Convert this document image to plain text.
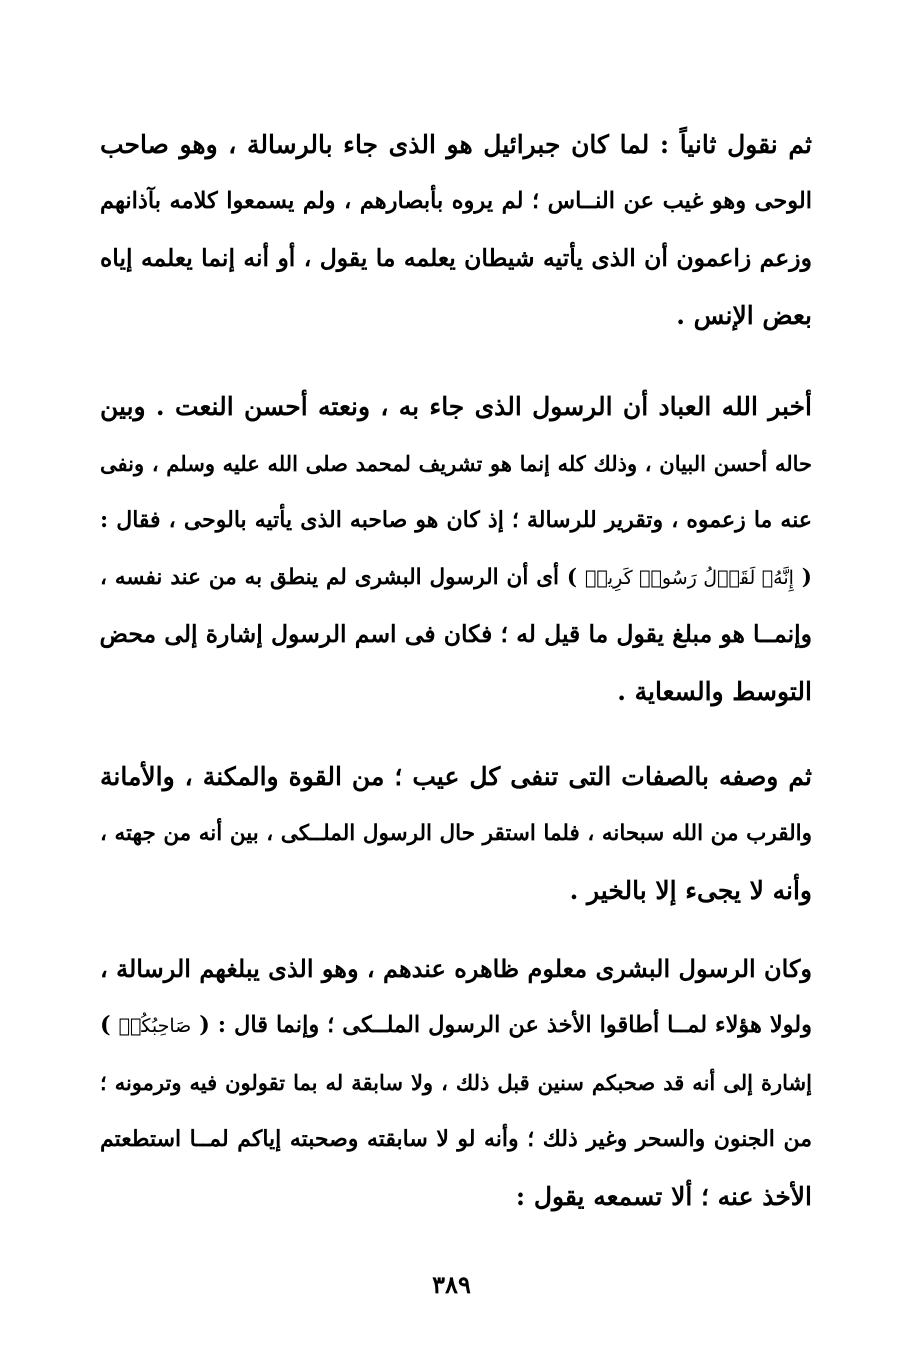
ثم نقول ثانياً : لما كان جبرائيل هو الذى جاء بالرسالة ، وهو صاحب
الوحى وهو غيب عن النــاس ؛ لم يروه بأبصارهم ، ولم يسمعوا كلامه بآذانهم
وزعم زاعمون أن الذى يأتيه شيطان يعلمه ما يقول ، أو أنه إنما يعلمه إياه
بعض الإنس .
أخبر الله العباد أن الرسول الذى جاء به ، ونعته أحسن النعت . وبين
حاله أحسن البيان ، وذلك كله إنما هو تشريف لمحمد صلى الله عليه وسلم ، ونفى
عنه ما زعموه ، وتقرير للرسالة ؛ إذ كان هو صاحبه الذى يأتيه بالوحى ، فقال :
( إِنَّهُۥ لَقَوۡلُ رَسُولٖ كَرِيمٖ ) أى أن الرسول البشرى لم ينطق به من عند نفسه ،
وإنمــا هو مبلغ يقول ما قيل له ؛ فكان فى اسم الرسول إشارة إلى محض
التوسط والسعاية .
ثم وصفه بالصفات التى تنفى كل عيب ؛ من القوة والمكنة ، والأمانة
والقرب من الله سبحانه ، فلما استقر حال الرسول الملــكى ، بين أنه من جهته ،
وأنه لا يجىء إلا بالخير .
وكان الرسول البشرى معلوم ظاهره عندهم ، وهو الذى يبلغهم الرسالة ،
ولولا هؤلاء لمــا أطاقوا الأخذ عن الرسول الملــكى ؛ وإنما قال : ( صَاحِبُكُمۡ )
إشارة إلى أنه قد صحبكم سنين قبل ذلك ، ولا سابقة له بما تقولون فيه وترمونه ؛
من الجنون والسحر وغير ذلك ؛ وأنه لو لا سابقته وصحبته إياكم لمــا استطعتم
الأخذ عنه ؛ ألا تسمعه يقول :
٣٨٩
